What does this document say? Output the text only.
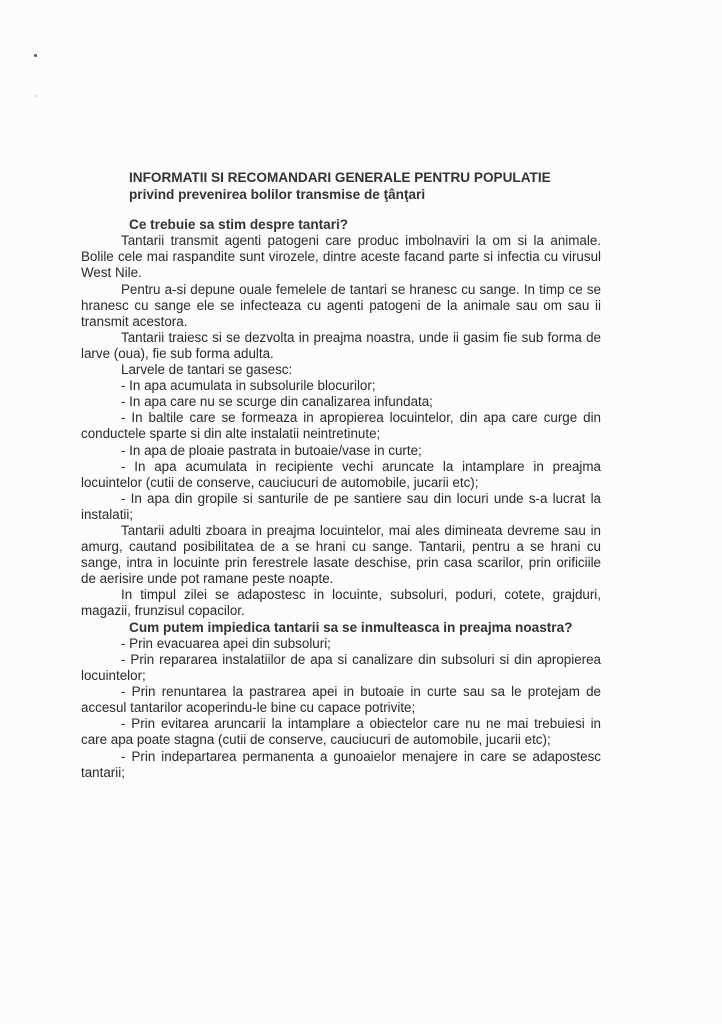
INFORMATII SI RECOMANDARI GENERALE PENTRU POPULATIE

privind prevenirea bolilor transmise de ţânţari

Ce trebuie sa stim despre tantari?

Tantarii transmit agenti patogeni care produc imbolnaviri la om si la animale. Bolile cele mai raspandite sunt virozele, dintre aceste facand parte si infectia cu virusul West Nile.

Pentru a-si depune ouale femelele de tantari se hranesc cu sange. In timp ce se hranesc cu sange ele se infecteaza cu agenti patogeni de la animale sau om sau ii transmit acestora.

Tantarii traiesc si se dezvolta in preajma noastra, unde ii gasim fie sub forma de larve (oua), fie sub forma adulta.

Larvele de tantari se gasesc:

- In apa acumulata in subsolurile blocurilor;
- In apa care nu se scurge din canalizarea infundata;
- In baltile care se formeaza in apropierea locuintelor, din apa care curge din conductele sparte si din alte instalatii neintretinute;
- In apa de ploaie pastrata in butoaie/vase in curte;
- In apa acumulata in recipiente vechi aruncate la intamplare in preajma locuintelor (cutii de conserve, cauciucuri de automobile, jucarii etc);
- In apa din gropile si santurile de pe santiere sau din locuri unde s-a lucrat la instalatii;

Tantarii adulti zboara in preajma locuintelor, mai ales dimineata devreme sau in amurg, cautand posibilitatea de a se hrani cu sange. Tantarii, pentru a se hrani cu sange, intra in locuinte prin ferestrele lasate deschise, prin casa scarilor, prin orificiile de aerisire unde pot ramane peste noapte.

In timpul zilei se adapostesc in locuinte, subsoluri, poduri, cotete, grajduri, magazii, frunzisul copacilor.

Cum putem impiedica tantarii sa se inmulteasca in preajma noastra?

- Prin evacuarea apei din subsoluri;
- Prin repararea instalatiilor de apa si canalizare din subsoluri si din apropierea locuintelor;
- Prin renuntarea la pastrarea apei in butoaie in curte sau sa le protejam de accesul tantarilor acoperindu-le bine cu capace potrivite;
- Prin evitarea aruncarii la intamplare a obiectelor care nu ne mai trebuiesi in care apa poate stagna (cutii de conserve, cauciucuri de automobile, jucarii etc);
- Prin indepartarea permanenta a gunoaielor menajere in care se adapostesc tantarii;
